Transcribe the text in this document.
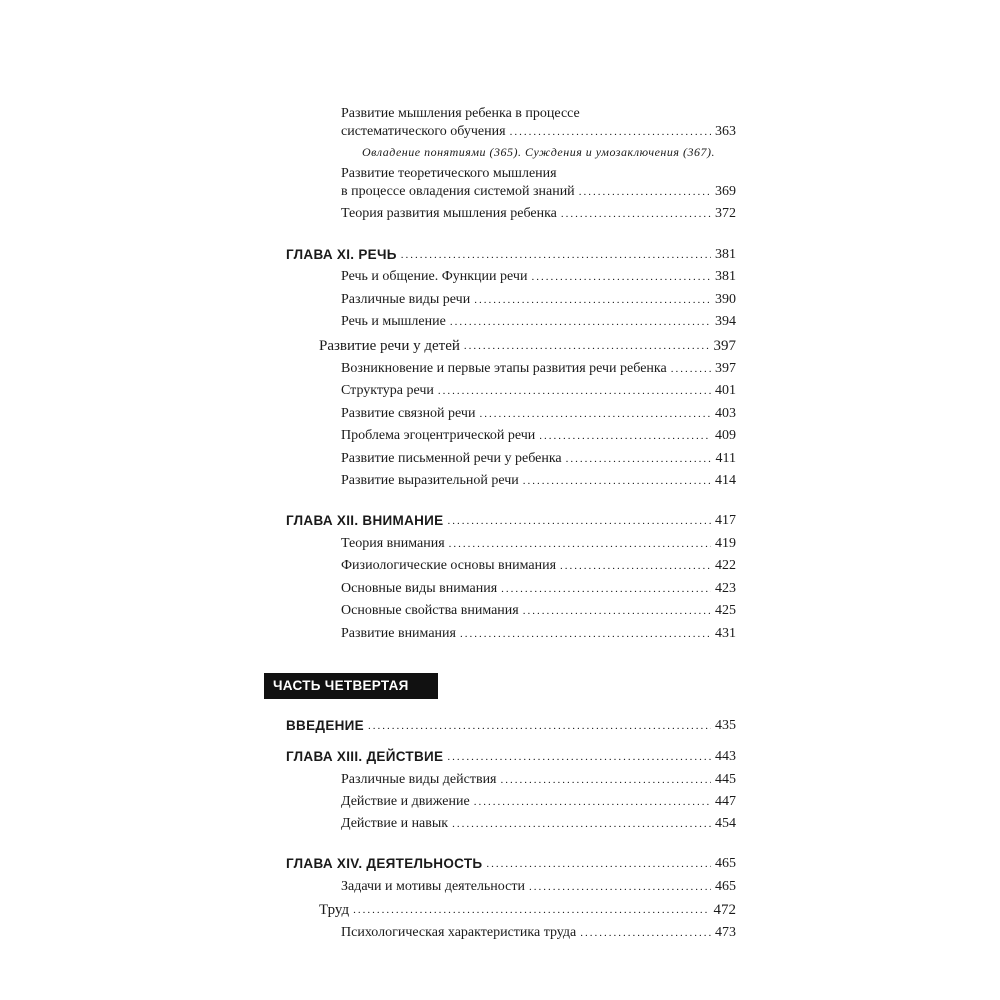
Развитие мышления ребенка в процессе
систематического обучения .....	363
Овладение понятиями (365). Суждения и умозаключения (367).
Развитие теоретического мышления
в процессе овладения системой знаний .....	369
Теория развития мышления ребенка .....	372
ГЛАВА XI. РЕЧЬ .....	381
Речь и общение. Функции речи .....	381
Различные виды речи .....	390
Речь и мышление .....	394
Развитие речи у детей .....	397
Возникновение и первые этапы развития речи ребенка .....	397
Структура речи .....	401
Развитие связной речи .....	403
Проблема эгоцентрической речи .....	409
Развитие письменной речи у ребенка .....	411
Развитие выразительной речи .....	414
ГЛАВА XII. ВНИМАНИЕ .....	417
Теория внимания .....	419
Физиологические основы внимания .....	422
Основные виды внимания .....	423
Основные свойства внимания .....	425
Развитие внимания .....	431
ЧАСТЬ ЧЕТВЕРТАЯ
ВВЕДЕНИЕ .....	435
ГЛАВА XIII. ДЕЙСТВИЕ .....	443
Различные виды действия .....	445
Действие и движение .....	447
Действие и навык .....	454
ГЛАВА XIV. ДЕЯТЕЛЬНОСТЬ .....	465
Задачи и мотивы деятельности .....	465
Труд .....	472
Психологическая характеристика труда .....	473
